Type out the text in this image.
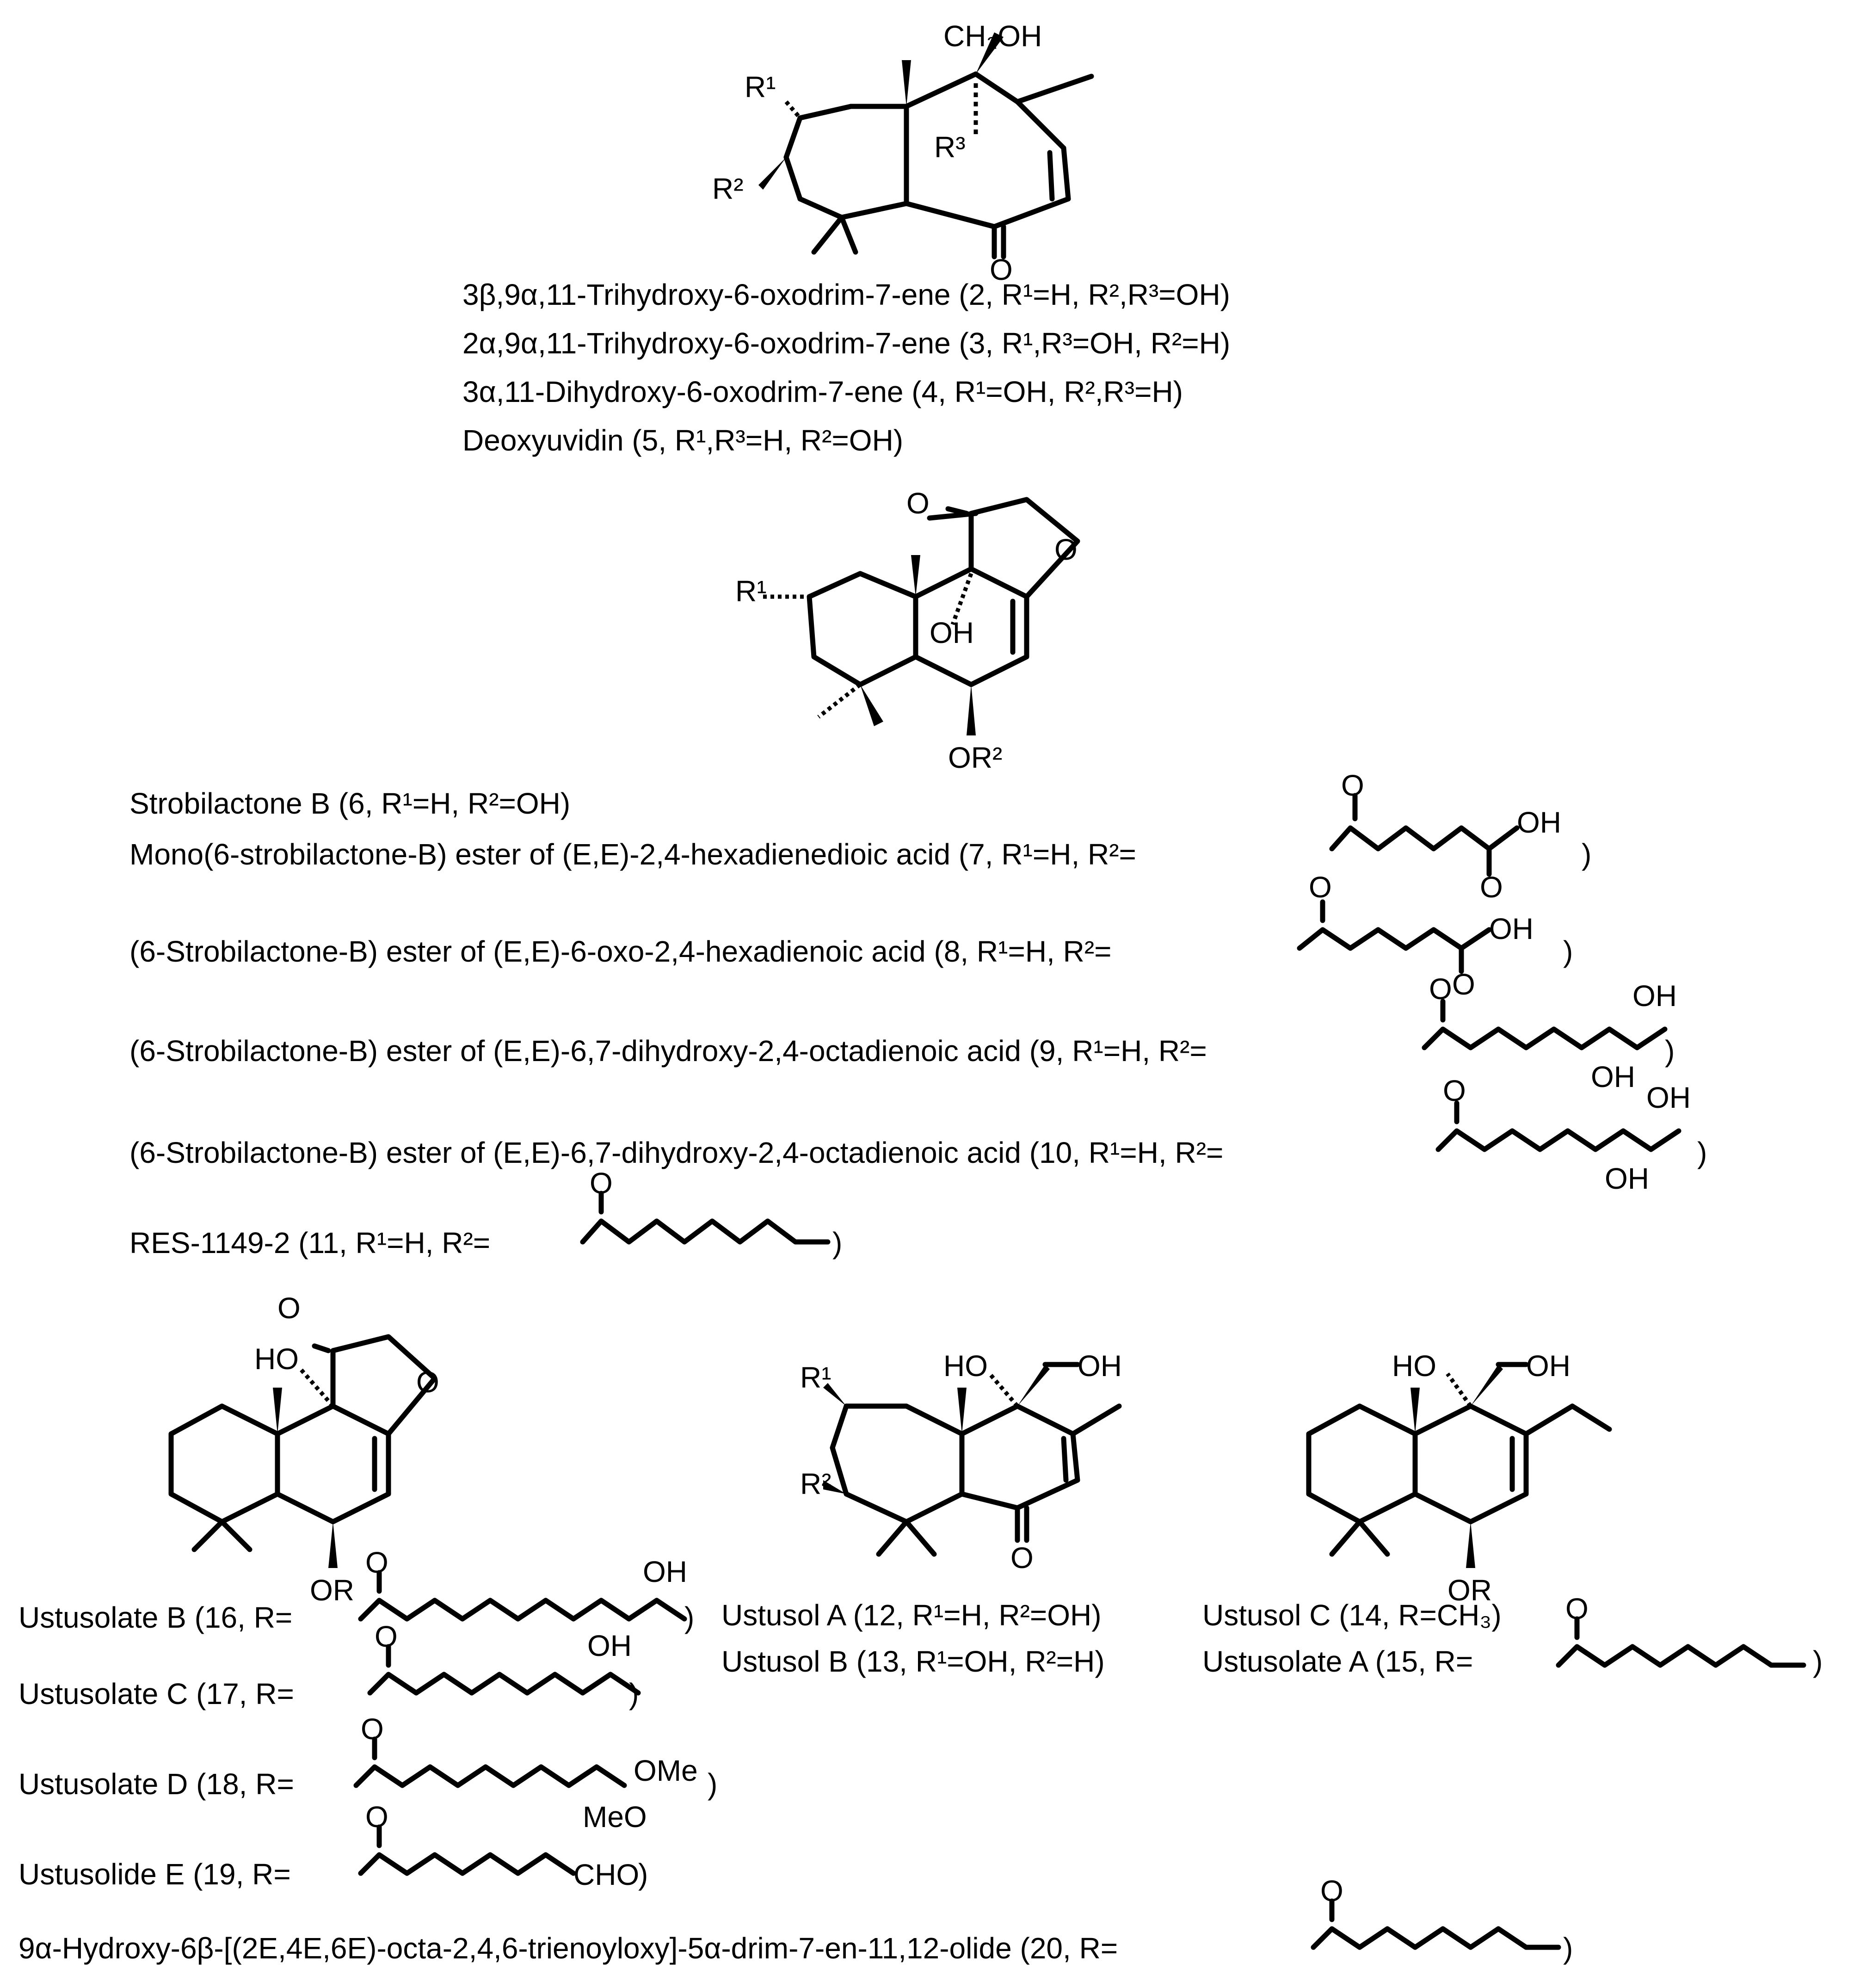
CH₂OH
R¹
R²
R³
O
O
O
R¹
OH
OR²
O
OH
O
O
OH
O
O	OH
OH
O	OH
OH
O
O
O
HO
OR
O	OH
O	OH
O
OMe
MeO
O
CHO
HO	OH
R¹
R²
O
HO	OH
OR
O
O
3β,9α,11-Trihydroxy-6-oxodrim-7-ene (2, R¹=H, R²,R³=OH)
2α,9α,11-Trihydroxy-6-oxodrim-7-ene (3, R¹,R³=OH, R²=H)
3α,11-Dihydroxy-6-oxodrim-7-ene (4, R¹=OH, R²,R³=H)
Deoxyuvidin (5, R¹,R³=H, R²=OH)
Strobilactone B (6, R¹=H, R²=OH)
Mono(6-strobilactone-B) ester of (E,E)-2,4-hexadienedioic acid (7, R¹=H, R²=	)
(6-Strobilactone-B) ester of (E,E)-6-oxo-2,4-hexadienoic acid (8, R¹=H, R²=	)
(6-Strobilactone-B) ester of (E,E)-6,7-dihydroxy-2,4-octadienoic acid (9, R¹=H, R²=	)
(6-Strobilactone-B) ester of (E,E)-6,7-dihydroxy-2,4-octadienoic acid (10, R¹=H, R²=	)
RES-1149-2 (11, R¹=H, R²=	)
Ustusolate B (16, R=	)
Ustusolate C (17, R=	)
Ustusolate D (18, R=	)
Ustusolide E (19, R=	)
Ustusol A (12, R¹=H, R²=OH)
Ustusol B (13, R¹=OH, R²=H)
Ustusol C (14, R=CH₃)
Ustusolate A (15, R=	)
9α-Hydroxy-6β-[(2E,4E,6E)-octa-2,4,6-trienoyloxy]-5α-drim-7-en-11,12-olide (20, R=	)
